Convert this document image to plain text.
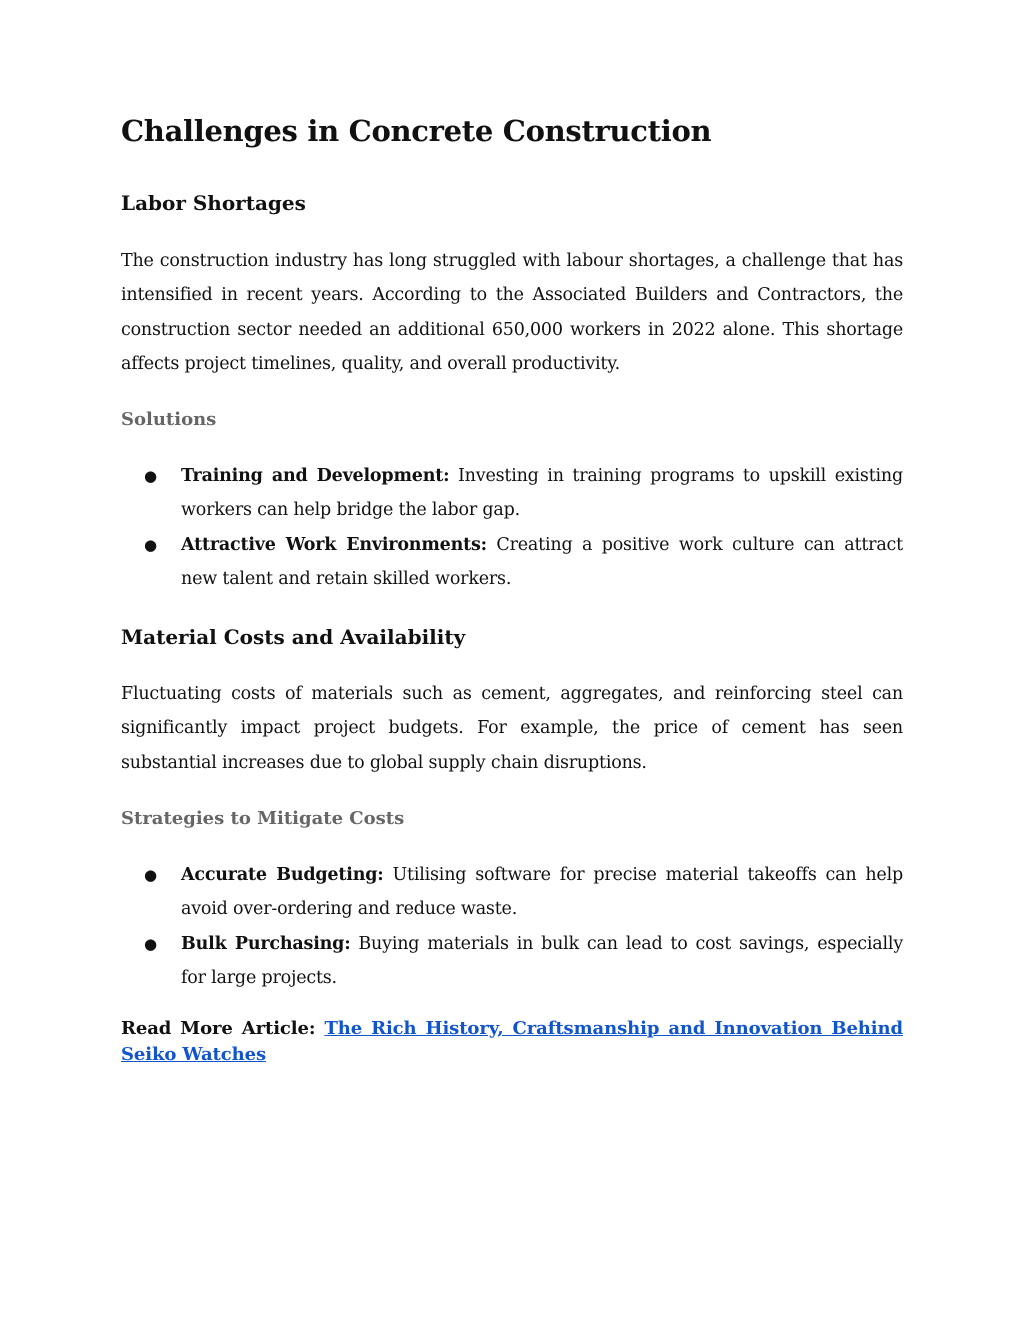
Challenges in Concrete Construction
Labor Shortages

The construction industry has long struggled with labour shortages, a challenge that has intensified in recent years. According to the Associated Builders and Contractors, the construction sector needed an additional 650,000 workers in 2022 alone. This shortage affects project timelines, quality, and overall productivity.

Solutions
● Training and Development: Investing in training programs to upskill existing workers can help bridge the labor gap.
● Attractive Work Environments: Creating a positive work culture can attract new talent and retain skilled workers.
Material Costs and Availability

Fluctuating costs of materials such as cement, aggregates, and reinforcing steel can significantly impact project budgets. For example, the price of cement has seen substantial increases due to global supply chain disruptions.

Strategies to Mitigate Costs
● Accurate Budgeting: Utilising software for precise material takeoffs can help avoid over-ordering and reduce waste.
● Bulk Purchasing: Buying materials in bulk can lead to cost savings, especially for large projects.

Read More Article: The Rich History, Craftsmanship and Innovation Behind Seiko Watches
